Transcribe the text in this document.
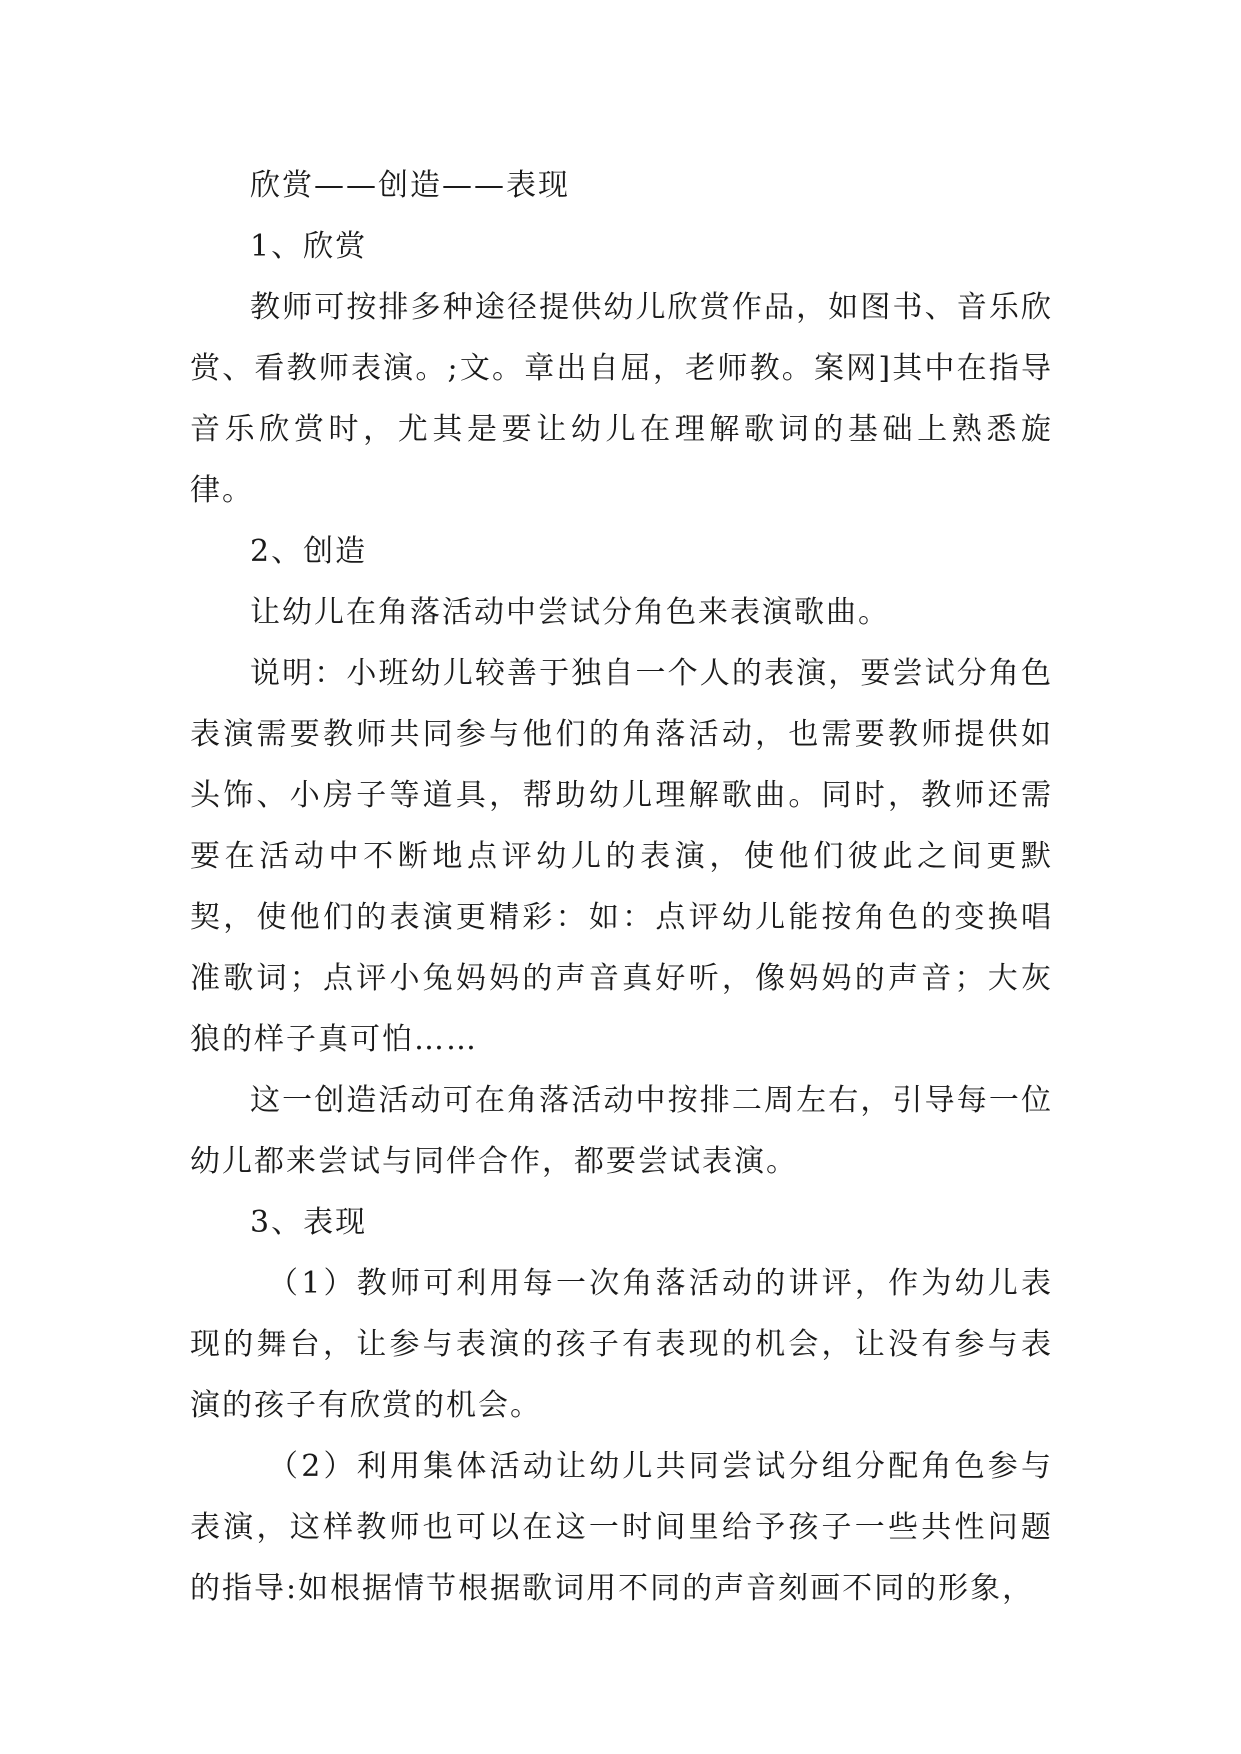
欣赏——创造——表现

1、欣赏

教师可按排多种途径提供幼儿欣赏作品，如图书、音乐欣赏、看教师表演。;文。章出自屈，老师教。案网]其中在指导音乐欣赏时，尤其是要让幼儿在理解歌词的基础上熟悉旋律。

2、创造

让幼儿在角落活动中尝试分角色来表演歌曲。

说明：小班幼儿较善于独自一个人的表演，要尝试分角色表演需要教师共同参与他们的角落活动，也需要教师提供如头饰、小房子等道具，帮助幼儿理解歌曲。同时，教师还需要在活动中不断地点评幼儿的表演，使他们彼此之间更默契，使他们的表演更精彩：如：点评幼儿能按角色的变换唱准歌词；点评小兔妈妈的声音真好听，像妈妈的声音；大灰狼的样子真可怕……

这一创造活动可在角落活动中按排二周左右，引导每一位幼儿都来尝试与同伴合作，都要尝试表演。

3、表现

（1）教师可利用每一次角落活动的讲评，作为幼儿表现的舞台，让参与表演的孩子有表现的机会，让没有参与表演的孩子有欣赏的机会。

（2）利用集体活动让幼儿共同尝试分组分配角色参与表演，这样教师也可以在这一时间里给予孩子一些共性问题的指导:如根据情节根据歌词用不同的声音刻画不同的形象，
